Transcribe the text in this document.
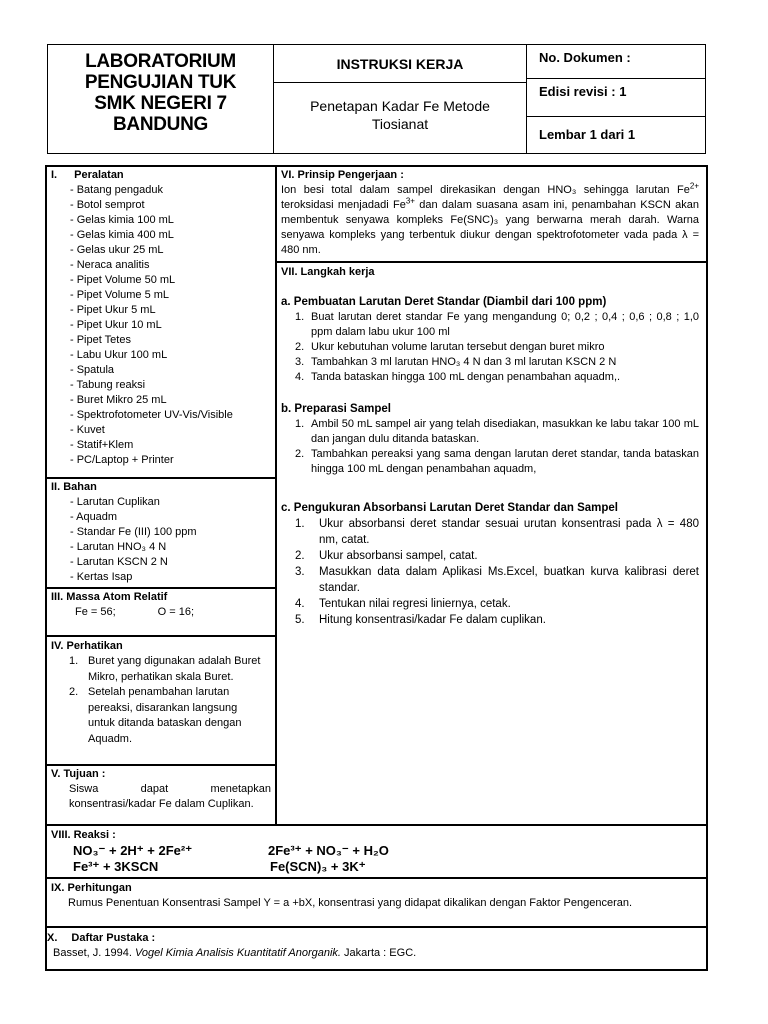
LABORATORIUM
PENGUJIAN TUK
SMK NEGERI 7
BANDUNG
INSTRUKSI KERJA
Penetapan Kadar Fe Metode Tiosianat
No. Dokumen :
Edisi revisi : 1
Lembar 1 dari 1
I. Peralatan
- Batang pengaduk
- Botol semprot
- Gelas kimia 100 mL
- Gelas kimia 400 mL
- Gelas ukur 25 mL
- Neraca analitis
- Pipet Volume 50 mL
- Pipet Volume 5 mL
- Pipet Ukur 5 mL
- Pipet Ukur 10 mL
- Pipet Tetes
- Labu Ukur 100 mL
- Spatula
- Tabung reaksi
- Buret Mikro 25 mL
- Spektrofotometer UV-Vis/Visible
- Kuvet
- Statif+Klem
- PC/Laptop + Printer
II. Bahan
- Larutan Cuplikan
- Aquadm
- Standar Fe (III) 100 ppm
- Larutan HNO₃ 4 N
- Larutan KSCN 2 N
- Kertas Isap
III. Massa Atom Relatif
Fe = 56;	O = 16;
IV. Perhatikan
1. Buret yang digunakan adalah Buret Mikro, perhatikan skala Buret.
2. Setelah penambahan larutan pereaksi, disarankan langsung untuk ditanda bataskan dengan Aquadm.
V. Tujuan :
Siswa dapat menetapkan konsentrasi/kadar Fe dalam Cuplikan.
VI. Prinsip Pengerjaan :
Ion besi total dalam sampel direkasikan dengan HNO₃ sehingga larutan $Fe^{2+}$ teroksidasi menjadadi $Fe^{3+}$ dan dalam suasana asam ini, penambahan KSCN akan membentuk senyawa kompleks Fe(SNC)₃ yang berwarna merah darah. Warna senyawa kompleks yang terbentuk diukur dengan spektrofotometer vada pada λ = 480 nm.
VII. Langkah kerja
a. Pembuatan Larutan Deret Standar (Diambil dari 100 ppm)
1. Buat larutan deret standar Fe yang mengandung 0; 0,2 ; 0,4 ; 0,6 ; 0,8 ; 1,0 ppm dalam labu ukur 100 ml
2. Ukur kebutuhan volume larutan tersebut dengan buret mikro
3. Tambahkan 3 ml larutan HNO₃ 4 N dan 3 ml larutan KSCN 2 N
4. Tanda bataskan hingga 100 mL dengan penambahan aquadm,.
b. Preparasi Sampel
1. Ambil 50 mL sampel air yang telah disediakan, masukkan ke labu takar 100 mL dan jangan dulu ditanda bataskan.
2. Tambahkan pereaksi yang sama dengan larutan deret standar, tanda bataskan hingga 100 mL dengan penambahan aquadm,
c. Pengukuran Absorbansi Larutan Deret Standar dan Sampel
1. Ukur absorbansi deret standar sesuai urutan konsentrasi pada λ = 480 nm, catat.
2. Ukur absorbansi sampel, catat.
3. Masukkan data dalam Aplikasi Ms.Excel, buatkan kurva kalibrasi deret standar.
4. Tentukan nilai regresi liniernya, cetak.
5. Hitung konsentrasi/kadar Fe dalam cuplikan.
VIII. Reaksi :
NO₃⁻ + 2H⁺ + 2Fe²⁺	2Fe³⁺ + NO₃⁻ + H₂O
Fe³⁺ + 3KSCN	Fe(SCN)₃ + 3K⁺
IX. Perhitungan
Rumus Penentuan Konsentrasi Sampel Y = a +bX, konsentrasi yang didapat dikalikan dengan Faktor Pengenceran.
X. Daftar Pustaka :
Basset, J. 1994. Vogel Kimia Analisis Kuantitatif Anorganik. Jakarta : EGC.
